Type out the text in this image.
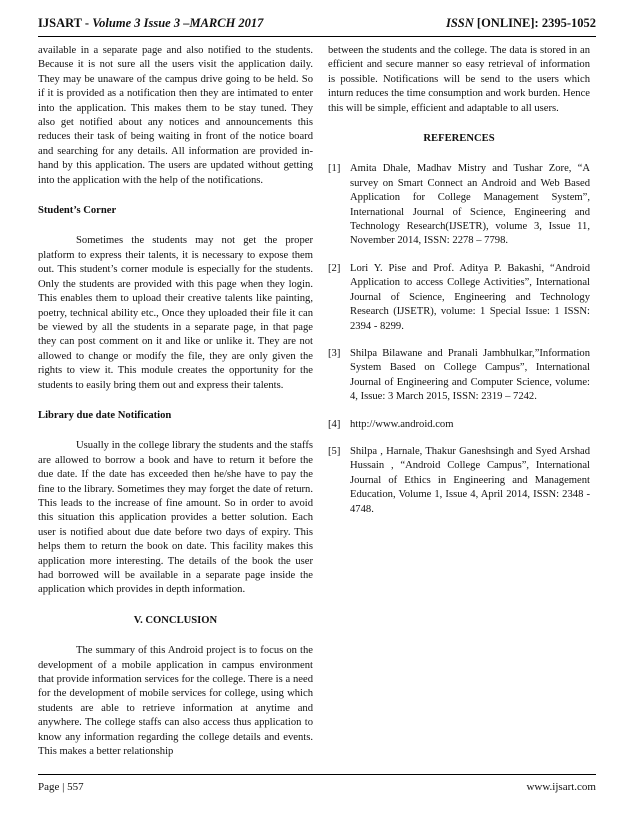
IJSART - Volume 3 Issue 3 –MARCH 2017	ISSN [ONLINE]: 2395-1052

available in a separate page and also notified to the students. Because it is not sure all the users visit the application daily. They may be unaware of the campus drive going to be held. So if it is provided as a notification then they are intimated to enter into the application. This makes them to be stay tuned. They also get notified about any notices and announcements this reduces their task of being waiting in front of the notice board and searching for any details. All information are provided in-hand by this application. The users are updated without getting into the application with the help of the notifications.

Student’s Corner

Sometimes the students may not get the proper platform to express their talents, it is necessary to expose them out. This student’s corner module is especially for the students. Only the students are provided with this page when they login. This enables them to upload their creative talents like painting, poetry, technical ability etc., Once they uploaded their file it can be viewed by all the students in a separate page, in that page they can post comment on it and like or unlike it. They are not allowed to change or modify the file, they are only given the rights to view it. This module creates the opportunity for the students to easily bring them out and express their talents.

Library due date Notification

Usually in the college library the students and the staffs are allowed to borrow a book and have to return it before the due date. If the date has exceeded then he/she have to pay the fine to the library. Sometimes they may forget the date of return. This leads to the increase of fine amount. So in order to avoid this situation this application provides a better solution. Each user is notified about due date before two days of expiry. This helps them to return the book on date. This facility makes this application more interesting. The details of the book the user had borrowed will be available in a separate page inside the application which provides in depth information.

V. CONCLUSION

The summary of this Android project is to focus on the development of a mobile application in campus environment that provide information services for the college. There is a need for the development of mobile services for college, using which students are able to retrieve information at anytime and anywhere. The college staffs can also access thus application to know any information regarding the college details and events. This makes a better relationship

between the students and the college. The data is stored in an efficient and secure manner so easy retrieval of information is possible. Notifications will be send to the users which inturn reduces the time consumption and work burden. Hence this will be simple, efficient and adaptable to all users.

REFERENCES

[1] Amita Dhale, Madhav Mistry and Tushar Zore, “A survey on Smart Connect an Android and Web Based Application for College Management System”, International Journal of Science, Engineering and Technology Research(IJSETR), volume 3, Issue 11, November 2014, ISSN: 2278 – 7798.
[2] Lori Y. Pise and Prof. Aditya P. Bakashi, “Android Application to access College Activities”, International Journal of Science, Engineering and Technology Research (IJSETR), volume: 1 Special Issue: 1 ISSN: 2394 - 8299.
[3] Shilpa Bilawane and Pranali Jambhulkar,”Information System Based on College Campus”, International Journal of Engineering and Computer Science, volume: 4, Issue: 3 March 2015, ISSN: 2319 – 7242.
[4] http://www.android.com
[5] Shilpa , Harnale, Thakur Ganeshsingh and Syed Arshad Hussain , “Android College Campus”, International Journal of Ethics in Engineering and Management Education, Volume 1, Issue 4, April 2014, ISSN: 2348 - 4748.
Page | 557	www.ijsart.com
